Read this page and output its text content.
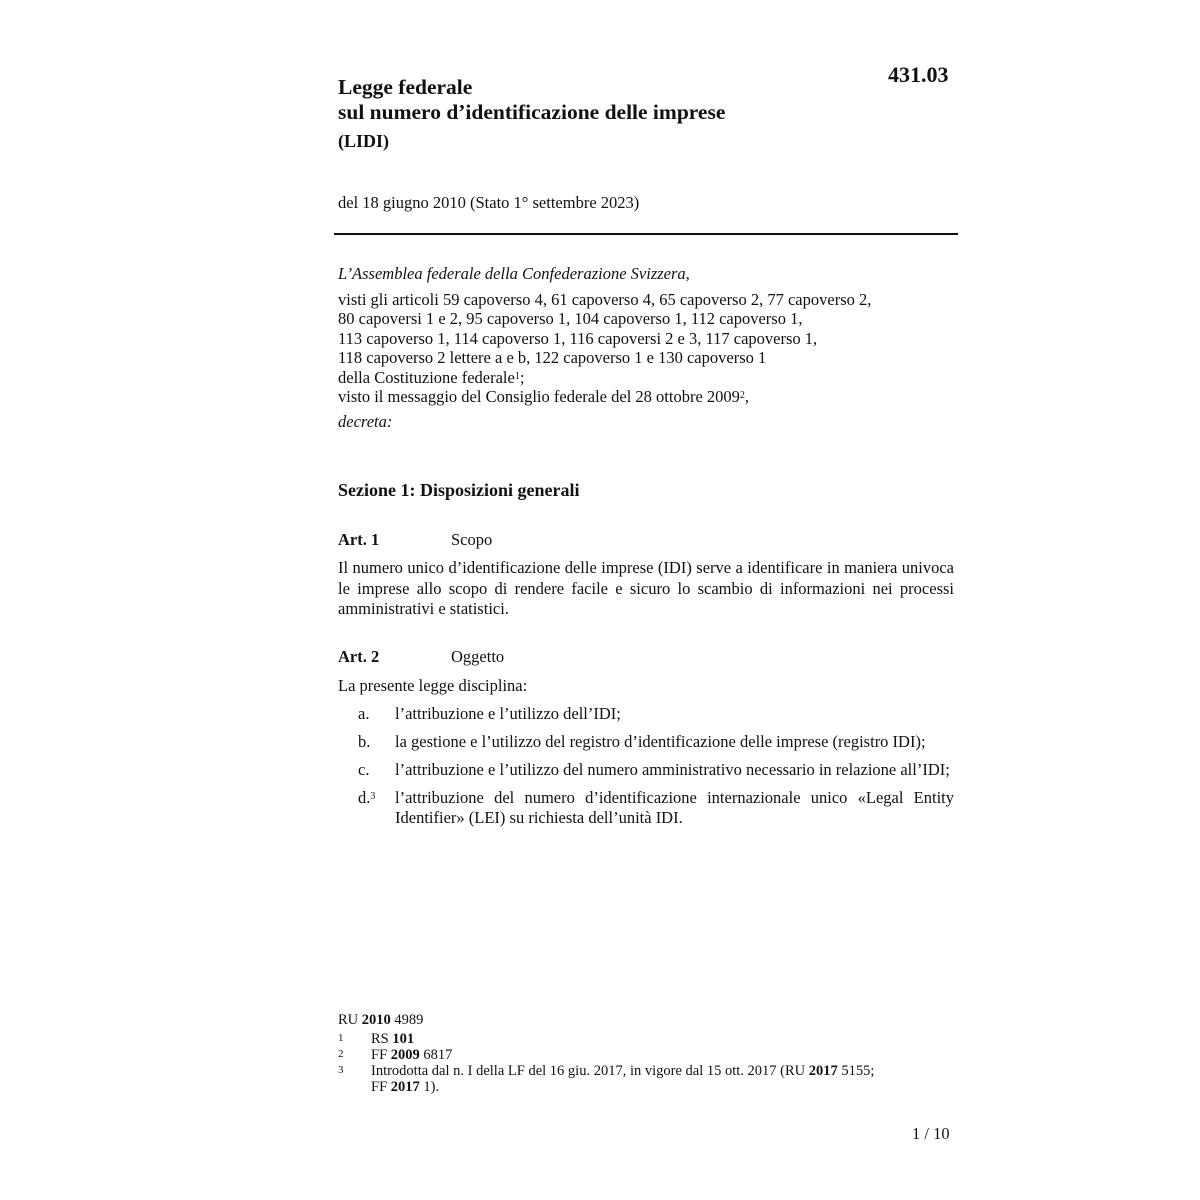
431.03
Legge federale
sul numero d’identificazione delle imprese
(LIDI)
del 18 giugno 2010 (Stato 1° settembre 2023)
L’Assemblea federale della Confederazione Svizzera,
visti gli articoli 59 capoverso 4, 61 capoverso 4, 65 capoverso 2, 77 capoverso 2,
80 capoversi 1 e 2, 95 capoverso 1, 104 capoverso 1, 112 capoverso 1,
113 capoverso 1, 114 capoverso 1, 116 capoversi 2 e 3, 117 capoverso 1,
118 capoverso 2 lettere a e b, 122 capoverso 1 e 130 capoverso 1
della Costituzione federale$^1$;
visto il messaggio del Consiglio federale del 28 ottobre 2009$^2$,
decreta:
Sezione 1: Disposizioni generali
Art. 1	Scopo
Il numero unico d’identificazione delle imprese (IDI) serve a identificare in maniera univoca le imprese allo scopo di rendere facile e sicuro lo scambio di informazioni nei processi amministrativi e statistici.
Art. 2	Oggetto
La presente legge disciplina:
a.	l’attribuzione e l’utilizzo dell’IDI;
b.	la gestione e l’utilizzo del registro d’identificazione delle imprese (registro IDI);
c.	l’attribuzione e l’utilizzo del numero amministrativo necessario in relazione all’IDI;
d.$^3$	l’attribuzione del numero d’identificazione internazionale unico «Legal Entity Identifier» (LEI) su richiesta dell’unità IDI.
RU 2010 4989
1	RS 101
2	FF 2009 6817
3	Introdotta dal n. I della LF del 16 giu. 2017, in vigore dal 15 ott. 2017 (RU 2017 5155;
FF 2017 1).
1 / 10
